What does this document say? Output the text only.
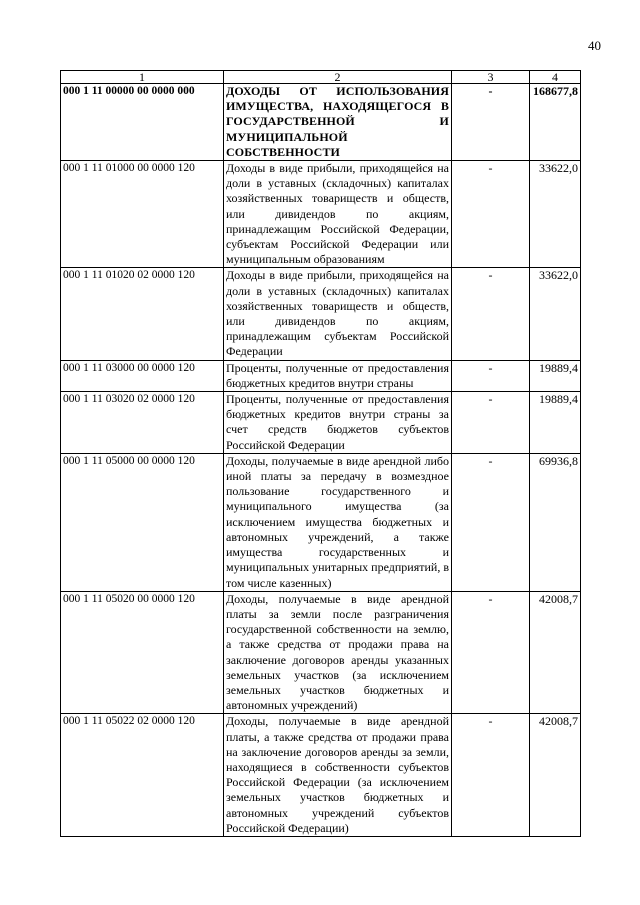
40
1	2	3	4
000 1 11 00000 00 0000 000	ДОХОДЫ ОТ ИСПОЛЬЗОВАНИЯ ИМУЩЕСТВА, НАХОДЯЩЕГОСЯ В ГОСУДАРСТВЕННОЙ И МУНИЦИПАЛЬНОЙ СОБСТВЕННОСТИ	-	168677,8
000 1 11 01000 00 0000 120	Доходы в виде прибыли, приходящейся на доли в уставных (складочных) капиталах хозяйственных товариществ и обществ, или дивидендов по акциям, принадлежащим Российской Федерации, субъектам Российской Федерации или муниципальным образованиям	-	33622,0
000 1 11 01020 02 0000 120	Доходы в виде прибыли, приходящейся на доли в уставных (складочных) капиталах хозяйственных товариществ и обществ, или дивидендов по акциям, принадлежащим субъектам Российской Федерации	-	33622,0
000 1 11 03000 00 0000 120	Проценты, полученные от предоставления бюджетных кредитов внутри страны	-	19889,4
000 1 11 03020 02 0000 120	Проценты, полученные от предоставления бюджетных кредитов внутри страны за счет средств бюджетов субъектов Российской Федерации	-	19889,4
000 1 11 05000 00 0000 120	Доходы, получаемые в виде арендной либо иной платы за передачу в возмездное пользование государственного и муниципального имущества (за исключением имущества бюджетных и автономных учреждений, а также имущества государственных и муниципальных унитарных предприятий, в том числе казенных)	-	69936,8
000 1 11 05020 00 0000 120	Доходы, получаемые в виде арендной платы за земли после разграничения государственной собственности на землю, а также средства от продажи права на заключение договоров аренды указанных земельных участков (за исключением земельных участков бюджетных и автономных учреждений)	-	42008,7
000 1 11 05022 02 0000 120	Доходы, получаемые в виде арендной платы, а также средства от продажи права на заключение договоров аренды за земли, находящиеся в собственности субъектов Российской Федерации (за исключением земельных участков бюджетных и автономных учреждений субъектов Российской Федерации)	-	42008,7
